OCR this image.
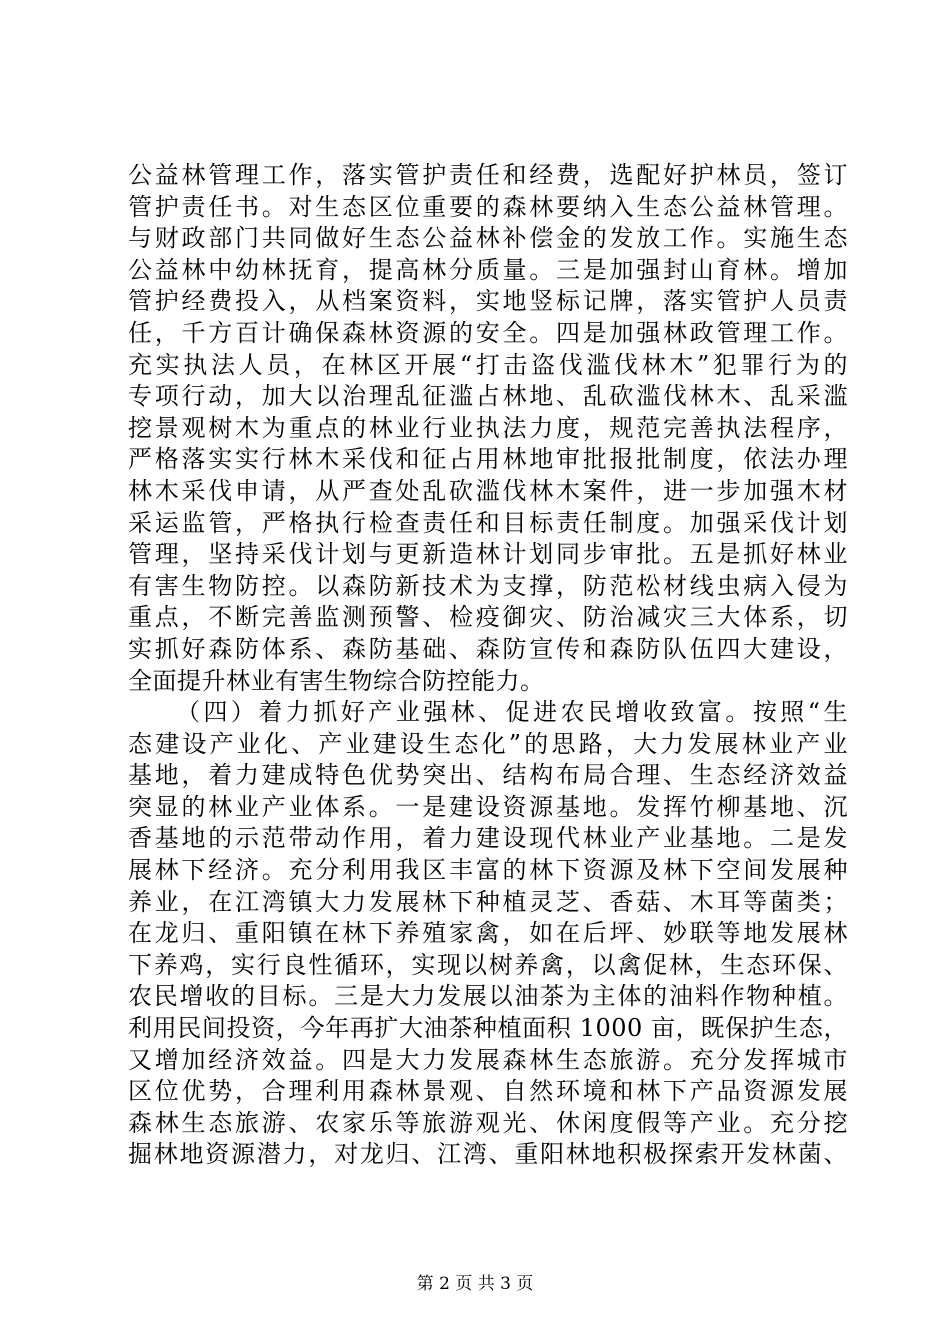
公益林管理工作，落实管护责任和经费，选配好护林员，签订
管护责任书。对生态区位重要的森林要纳入生态公益林管理。
与财政部门共同做好生态公益林补偿金的发放工作。实施生态
公益林中幼林抚育，提高林分质量。三是加强封山育林。增加
管护经费投入，从档案资料，实地竖标记牌，落实管护人员责
任，千方百计确保森林资源的安全。四是加强林政管理工作。
充实执法人员，在林区开展“打击盗伐滥伐林木”犯罪行为的
专项行动，加大以治理乱征滥占林地、乱砍滥伐林木、乱采滥
挖景观树木为重点的林业行业执法力度，规范完善执法程序，
严格落实实行林木采伐和征占用林地审批报批制度，依法办理
林木采伐申请，从严查处乱砍滥伐林木案件，进一步加强木材
采运监管，严格执行检查责任和目标责任制度。加强采伐计划
管理，坚持采伐计划与更新造林计划同步审批。五是抓好林业
有害生物防控。以森防新技术为支撑，防范松材线虫病入侵为
重点，不断完善监测预警、检疫御灾、防治减灾三大体系，切
实抓好森防体系、森防基础、森防宣传和森防队伍四大建设，
全面提升林业有害生物综合防控能力。
（四）着力抓好产业强林、促进农民增收致富。按照“生
态建设产业化、产业建设生态化”的思路，大力发展林业产业
基地，着力建成特色优势突出、结构布局合理、生态经济效益
突显的林业产业体系。一是建设资源基地。发挥竹柳基地、沉
香基地的示范带动作用，着力建设现代林业产业基地。二是发
展林下经济。充分利用我区丰富的林下资源及林下空间发展种
养业，在江湾镇大力发展林下种植灵芝、香菇、木耳等菌类；
在龙归、重阳镇在林下养殖家禽，如在后坪、妙联等地发展林
下养鸡，实行良性循环，实现以树养禽，以禽促林，生态环保、
农民增收的目标。三是大力发展以油茶为主体的油料作物种植。
利用民间投资，今年再扩大油茶种植面积 1000 亩，既保护生态，
又增加经济效益。四是大力发展森林生态旅游。充分发挥城市
区位优势，合理利用森林景观、自然环境和林下产品资源发展
森林生态旅游、农家乐等旅游观光、休闲度假等产业。充分挖
掘林地资源潜力，对龙归、江湾、重阳林地积极探索开发林菌、
第 2 页 共 3 页
